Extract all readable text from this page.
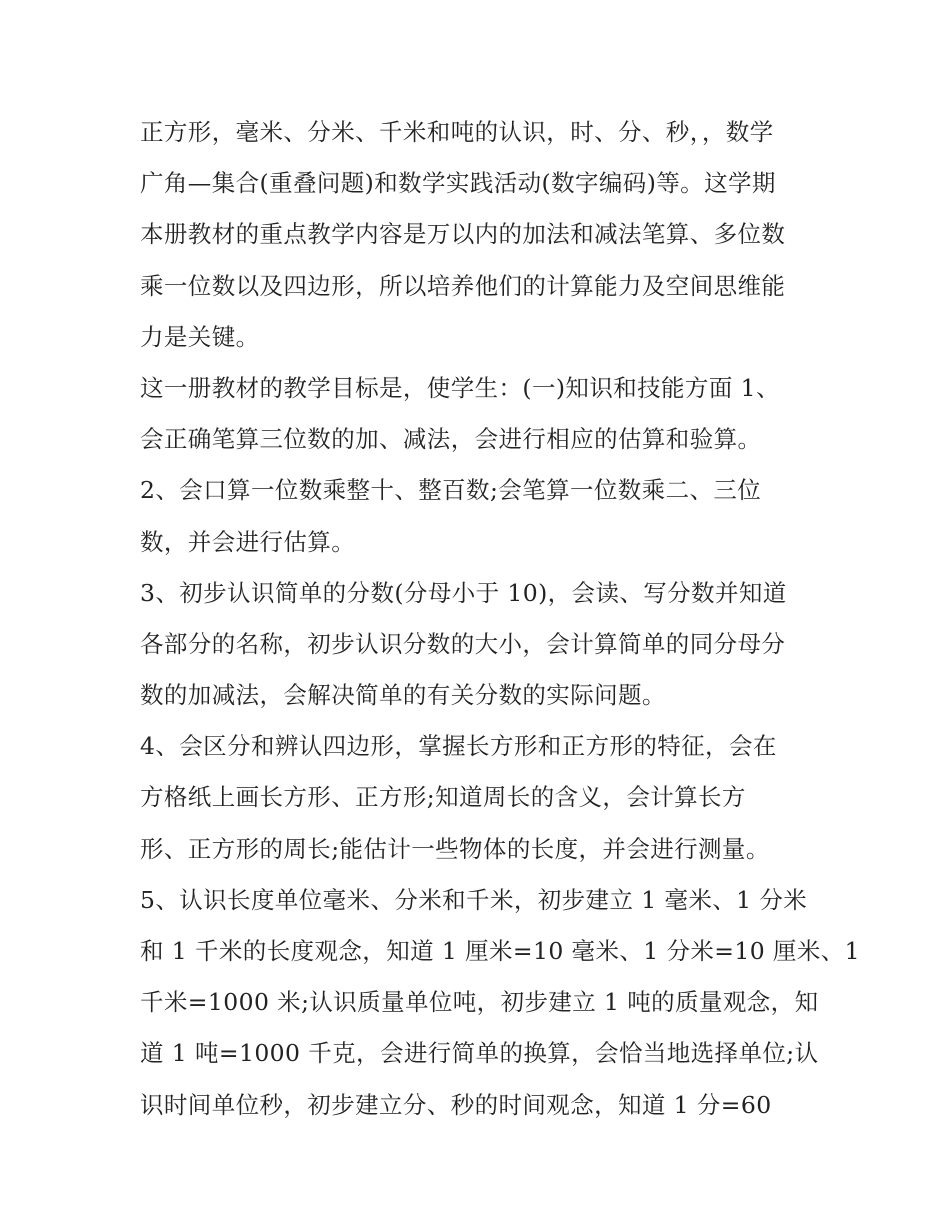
正方形，毫米、分米、千米和吨的认识，时、分、秒，，数学
广角—集合(重叠问题)和数学实践活动(数字编码)等。这学期
本册教材的重点教学内容是万以内的加法和减法笔算、多位数
乘一位数以及四边形，所以培养他们的计算能力及空间思维能
力是关键。
这一册教材的教学目标是，使学生：(一)知识和技能方面 1、
会正确笔算三位数的加、减法，会进行相应的估算和验算。
2、会口算一位数乘整十、整百数;会笔算一位数乘二、三位
数，并会进行估算。
3、初步认识简单的分数(分母小于 10)，会读、写分数并知道
各部分的名称，初步认识分数的大小，会计算简单的同分母分
数的加减法，会解决简单的有关分数的实际问题。
4、会区分和辨认四边形，掌握长方形和正方形的特征，会在
方格纸上画长方形、正方形;知道周长的含义，会计算长方
形、正方形的周长;能估计一些物体的长度，并会进行测量。
5、认识长度单位毫米、分米和千米，初步建立 1 毫米、1 分米
和 1 千米的长度观念，知道 1 厘米=10 毫米、1 分米=10 厘米、1
千米=1000 米;认识质量单位吨，初步建立 1 吨的质量观念，知
道 1 吨=1000 千克，会进行简单的换算，会恰当地选择单位;认
识时间单位秒，初步建立分、秒的时间观念，知道 1 分=60
